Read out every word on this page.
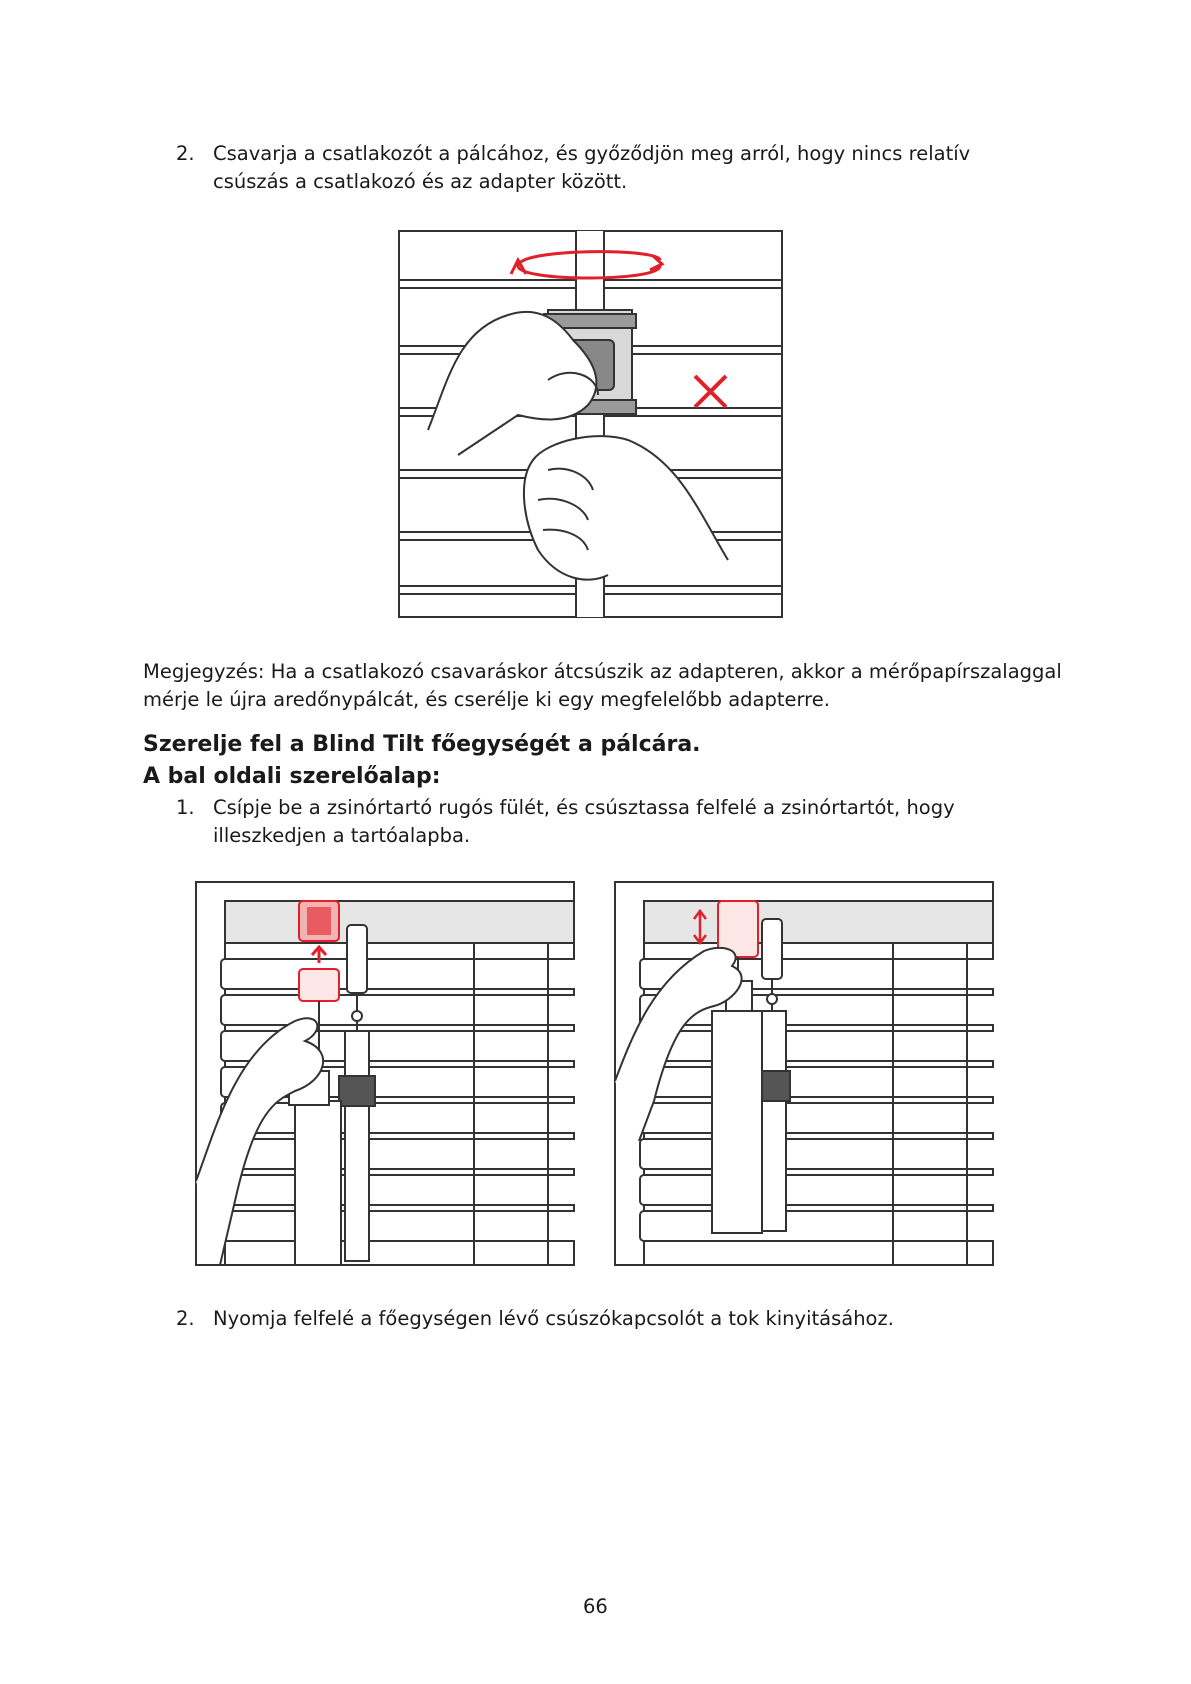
2. Csavarja a csatlakozót a pálcához, és győződjön meg arról, hogy nincs relatív csúszás a csatlakozó és az adapter között.
Megjegyzés: Ha a csatlakozó csavaráskor átcsúszik az adapteren, akkor a mérőpapírszalaggal mérje le újra aredőnypálcát, és cserélje ki egy megfelelőbb adapterre.
Szerelje fel a Blind Tilt főegységét a pálcára.
A bal oldali szerelőalap:
1. Csípje be a zsinórtartó rugós fülét, és csúsztassa felfelé a zsinórtartót, hogy illeszkedjen a tartóalapba.
2. Nyomja felfelé a főegységen lévő csúszókapcsolót a tok kinyitásához.
66
